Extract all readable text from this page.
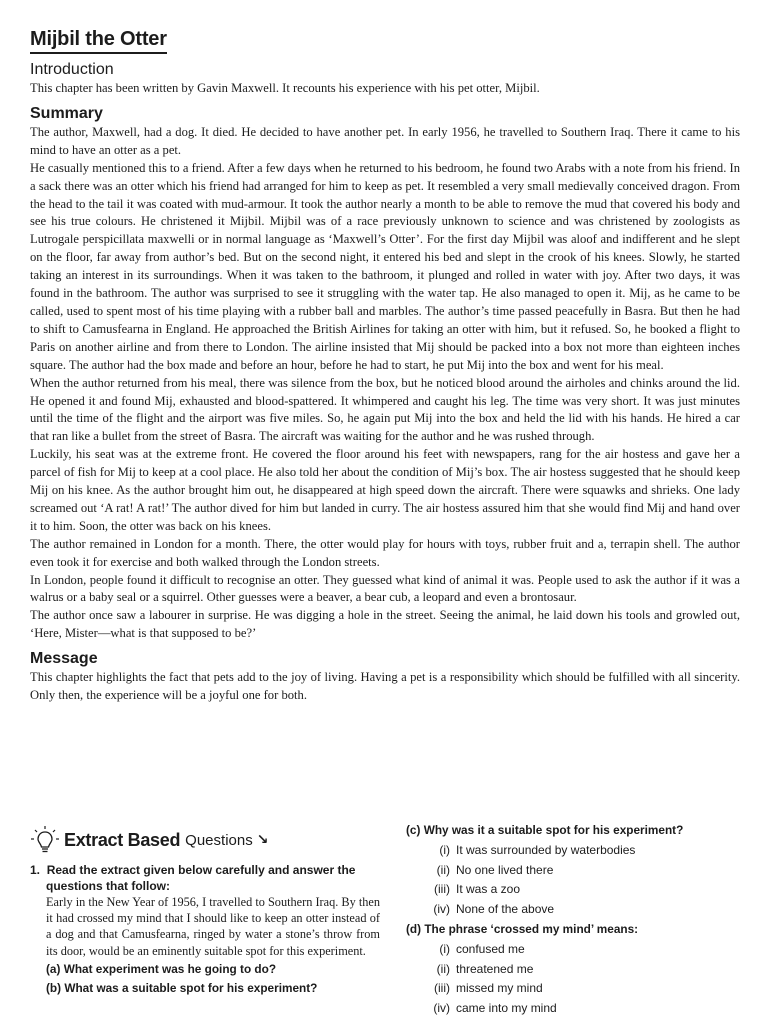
Mijbil the Otter
Introduction

This chapter has been written by Gavin Maxwell. It recounts his experience with his pet otter, Mijbil.

Summary

The author, Maxwell, had a dog. It died. He decided to have another pet. In early 1956, he travelled to Southern Iraq. There it came to his mind to have an otter as a pet.

He casually mentioned this to a friend. After a few days when he returned to his bedroom, he found two Arabs with a note from his friend. In a sack there was an otter which his friend had arranged for him to keep as pet. It resembled a very small medievally conceived dragon. From the head to the tail it was coated with mud-armour. It took the author nearly a month to be able to remove the mud that covered his body and see his true colours. He christened it Mijbil. Mijbil was of a race previously unknown to science and was christened by zoologists as Lutrogale perspicillata maxwelli or in normal language as ‘Maxwell’s Otter’. For the first day Mijbil was aloof and indifferent and he slept on the floor, far away from author’s bed. But on the second night, it entered his bed and slept in the crook of his knees. Slowly, he started taking an interest in its surroundings. When it was taken to the bathroom, it plunged and rolled in water with joy. After two days, it was found in the bathroom. The author was surprised to see it struggling with the water tap. He also managed to open it. Mij, as he came to be called, used to spent most of his time playing with a rubber ball and marbles. The author’s time passed peacefully in Basra. But then he had to shift to Camusfearna in England. He approached the British Airlines for taking an otter with him, but it refused. So, he booked a flight to Paris on another airline and from there to London. The airline insisted that Mij should be packed into a box not more than eighteen inches square. The author had the box made and before an hour, before he had to start, he put Mij into the box and went for his meal.

When the author returned from his meal, there was silence from the box, but he noticed blood around the airholes and chinks around the lid. He opened it and found Mij, exhausted and blood-spattered. It whimpered and caught his leg. The time was very short. It was just minutes until the time of the flight and the airport was five miles. So, he again put Mij into the box and held the lid with his hands. He hired a car that ran like a bullet from the street of Basra. The aircraft was waiting for the author and he was rushed through.

Luckily, his seat was at the extreme front. He covered the floor around his feet with newspapers, rang for the air hostess and gave her a parcel of fish for Mij to keep at a cool place. He also told her about the condition of Mij’s box. The air hostess suggested that he should keep Mij on his knee. As the author brought him out, he disappeared at high speed down the aircraft. There were squawks and shrieks. One lady screamed out ‘A rat! A rat!’ The author dived for him but landed in curry. The air hostess assured him that she would find Mij and hand over it to him. Soon, the otter was back on his knees.

The author remained in London for a month. There, the otter would play for hours with toys, rubber fruit and a, terrapin shell. The author even took it for exercise and both walked through the London streets.

In London, people found it difficult to recognise an otter. They guessed what kind of animal it was. People used to ask the author if it was a walrus or a baby seal or a squirrel. Other guesses were a beaver, a bear cub, a leopard and even a brontosaur.

The author once saw a labourer in surprise. He was digging a hole in the street. Seeing the animal, he laid down his tools and growled out, ‘Here, Mister—what is that supposed to be?’

Message

This chapter highlights the fact that pets add to the joy of living. Having a pet is a responsibility which should be fulfilled with all sincerity. Only then, the experience will be a joyful one for both.

Extract Based Questions ↘

1. Read the extract given below carefully and answer the questions that follow:

Early in the New Year of 1956, I travelled to Southern Iraq. By then it had crossed my mind that I should like to keep an otter instead of a dog and that Camusfearna, ringed by water a stone’s throw from its door, would be an eminently suitable spot for this experiment.

(a) What experiment was he going to do?

(b) What was a suitable spot for his experiment?

(c) Why was it a suitable spot for his experiment?

(i) It was surrounded by waterbodies
(ii) No one lived there
(iii) It was a zoo
(iv) None of the above

(d) The phrase ‘crossed my mind’ means:

(i) confused me
(ii) threatened me
(iii) missed my mind
(iv) came into my mind
